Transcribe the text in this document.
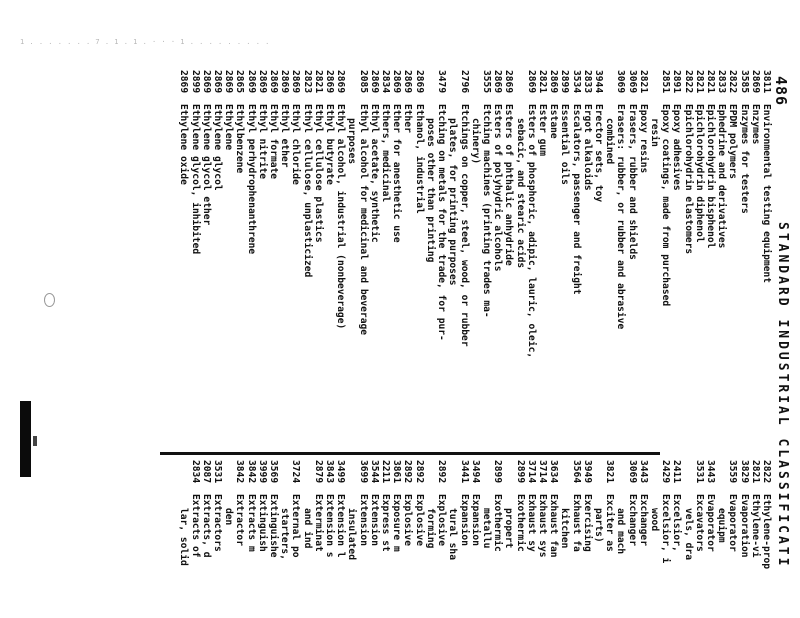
1 . . . . . . . 7 . 1 . 1 . · · · 1 . . . . . . . . .
486
STANDARD INDUSTRIAL CLASSIFICATI
3811
Environmental testing equipment
2869
Enzymes
3585
Enzymes for testers
2822
EPDM polymers
2833
Ephedrine and derivatives
2821
Epichlorohydrin bisphenol
2821
Epichlorohydrin diphenol
2822
Epichlorohydrin elastomers
2891
Epoxy adhesives
2851
Epoxy coatings, made from purchased
resin
2821
Epoxy resins
3069
Erasers, rubber and shields
3069
Erasers: rubber, or rubber and abrasive
combined
3944
Erector sets, toy
2833
Ergot alkaloids
3534
Escalators, passenger and freight
2899
Essential oils
2869
Estane
2821
Ester gum
2869
Esters of phosphoric, adipic, lauric, oleic,
sebacic, and stearic acids
2869
Esters of phthalic anhydride
2869
Esters of polyhydric alcohols
3555
Etching machines (printing trades ma-
chinery)
2796
Etchings on copper, steel, wood, or rubber
plates, for printing purposes
3479
Etching on metals for the trade, for pur-
poses other than printing
2869
Ethanol, industrial
2869
Ether
2869
Ether for anesthetic use
2834
Ethers, medicinal
2869
Ethyl acetate, synthetic
2085
Ethyl alcohol for medicinal and beverage
purposes
2869
Ethyl alcohol, industrial (nonbeverage)
2869
Ethyl butyrate
2821
Ethyl cellulose plastics
2823
Ethyl cellulose, unplasticized
2869
Ethyl chloride
2869
Ethyl ether
2869
Ethyl formate
2869
Ethyl nitrite
2869
Ethyl perhydrophenanthrene
2865
Ethylbenzene
2869
Ethylene
2869
Ethylene glycol
2869
Ethylene glycol ether
2899
Ethylene glycol, inhibited
2869
Ethylene oxide
2822
Ethylene-prop
2821
Ethylene-vi
3829
Evaporation
3559
Evaporator
equipm
3443
Evaporator
3531
Excavators
vels, dra
2411
Excelsior,
2429
Excelsior, i
wood
3443
Exchanger
3069
Exchanger
and mach
3821
Exciter as
parts)
3949
Exercising
3564
Exhaust fa
kitchen
3634
Exhaust fan
3714
Exhaust sys
3714
Exhaust sy
2899
Exothermic
propert
2899
Exothermic
metallu
3494
Expansion
3441
Expansion
tural sha
2892
Explosive
forming
2892
Explosive
2892
Explosive
3861
Exposure m
2211
Express st
3544
Extension
3699
Extension
insulated
3499
Extension l
3843
Extension s
2879
Exterminat
and ind
3724
External po
starters,
3569
Extinguishe
3999
Extinguish
3842
Extracts m
3842
Extractor
den
3531
Extractors
2087
Extracts, d
2834
Extracts of
lar, solid
